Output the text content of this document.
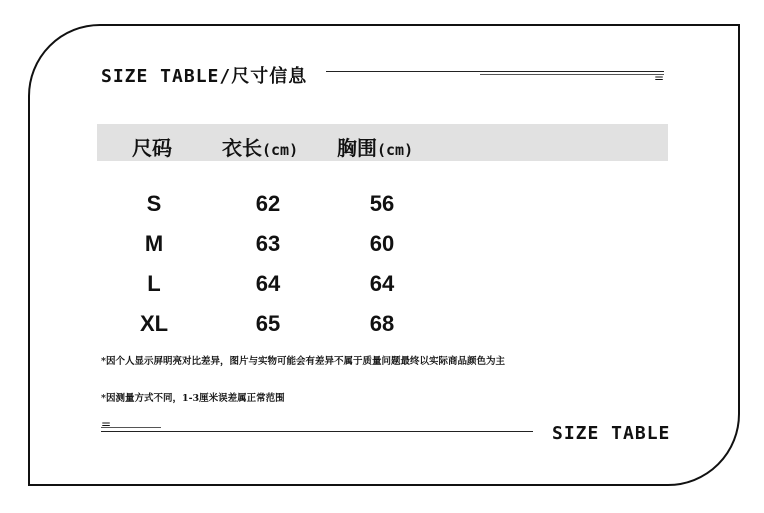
SIZE TABLE/尺寸信息	=
尺码	衣长(cm) 胸围(cm)
S	62	56
M	63	60
L	64	64
XL	65	68
*因个人显示屏明亮对比差异，图片与实物可能会有差异不属于质量问题最终以实际商品颜色为主
*因测量方式不同，1-3厘米误差属正常范围
=	SIZE TABLE
